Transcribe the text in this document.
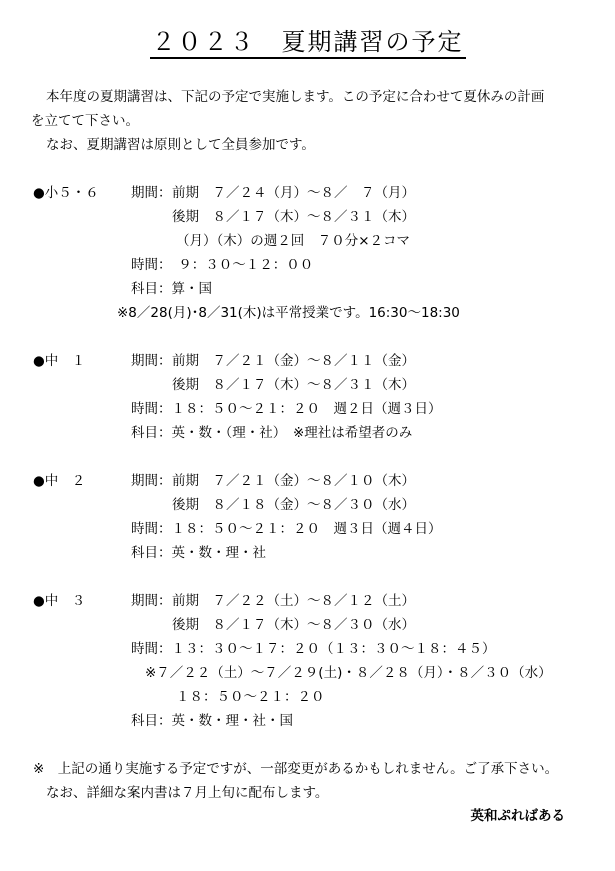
２０２３　夏期講習の予定
本年度の夏期講習は、下記の予定で実施します。この予定に合わせて夏休みの計画
を立てて下さい。
なお、夏期講習は原則として全員参加です。
●小５・６ 期間： 前期　７／２４（月）～８／　７（月）
後期　８／１７（木）～８／３１（木）
（月）（木）の週２回　７０分×２コマ
時間：　９：３０～１２：００
科目：算・国
※8／28(月)･8／31(木)は平常授業です。16:30～18:30
●中　１	期間： 前期　７／２１（金）～８／１１（金）
後期　８／１７（木）～８／３１（木）
時間：１８：５０～２１：２０　週２日（週３日）
科目：英・数・（理・社）　※理社は希望者のみ
●中　２	期間： 前期　７／２１（金）～８／１０（木）
後期　８／１８（金）～８／３０（水）
時間：１８：５０～２１：２０　週３日（週４日）
科目：英・数・理・社
●中　３	期間： 前期　７／２２（土）～８／１２（土）
後期　８／１７（木）～８／３０（水）
時間：１３：３０～１７：２０（１３：３０～１８：４５）
※７／２２（土）～７／２９(土)・８／２８（月）・８／３０（水）
１８：５０～２１：２０
科目：英・数・理・社・国
※　上記の通り実施する予定ですが、一部変更があるかもしれません。ご了承下さい。
なお、詳細な案内書は７月上旬に配布します。
英和ぷればある
